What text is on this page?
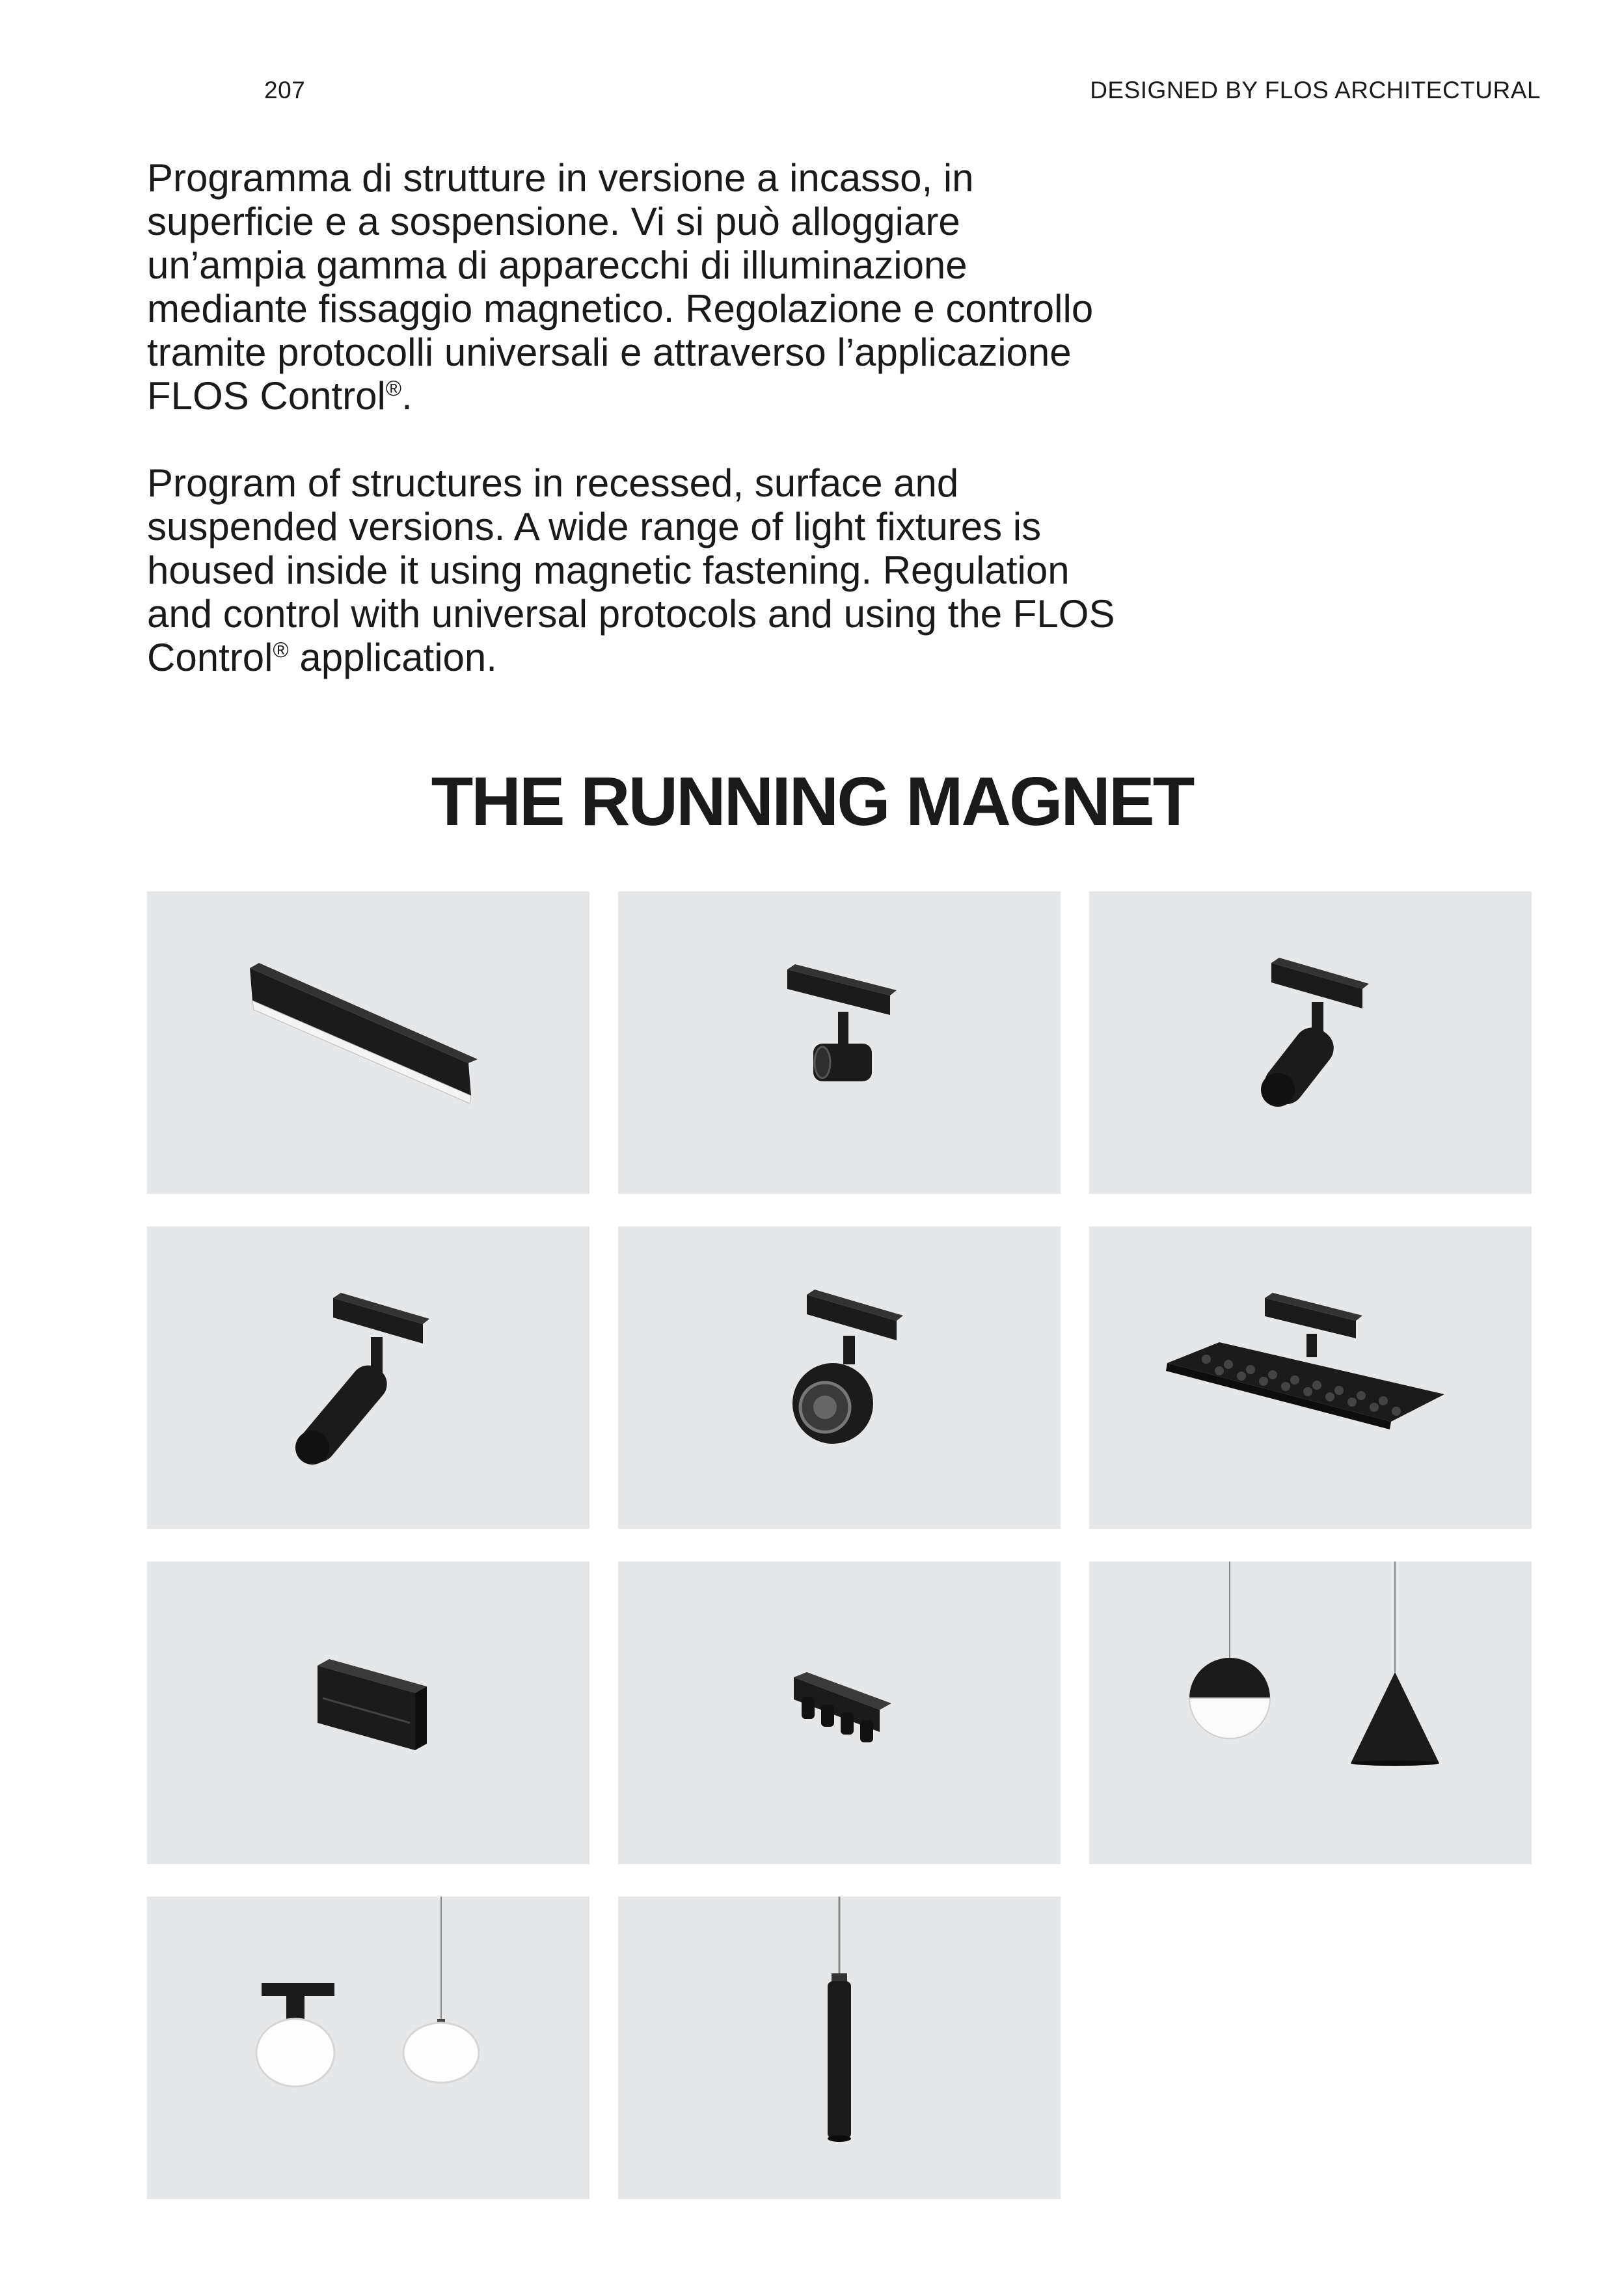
207	DESIGNED BY FLOS ARCHITECTURAL

Programma di strutture in versione a incasso, in superficie e a sospensione. Vi si può alloggiare un’ampia gamma di apparecchi di illuminazione mediante fissaggio magnetico. Regolazione e controllo tramite protocolli universali e attraverso l’applicazione FLOS Control®.

Program of structures in recessed, surface and suspended versions. A wide range of light fixtures is housed inside it using magnetic fastening. Regulation and control with universal protocols and using the FLOS Control® application.

THE RUNNING MAGNET
